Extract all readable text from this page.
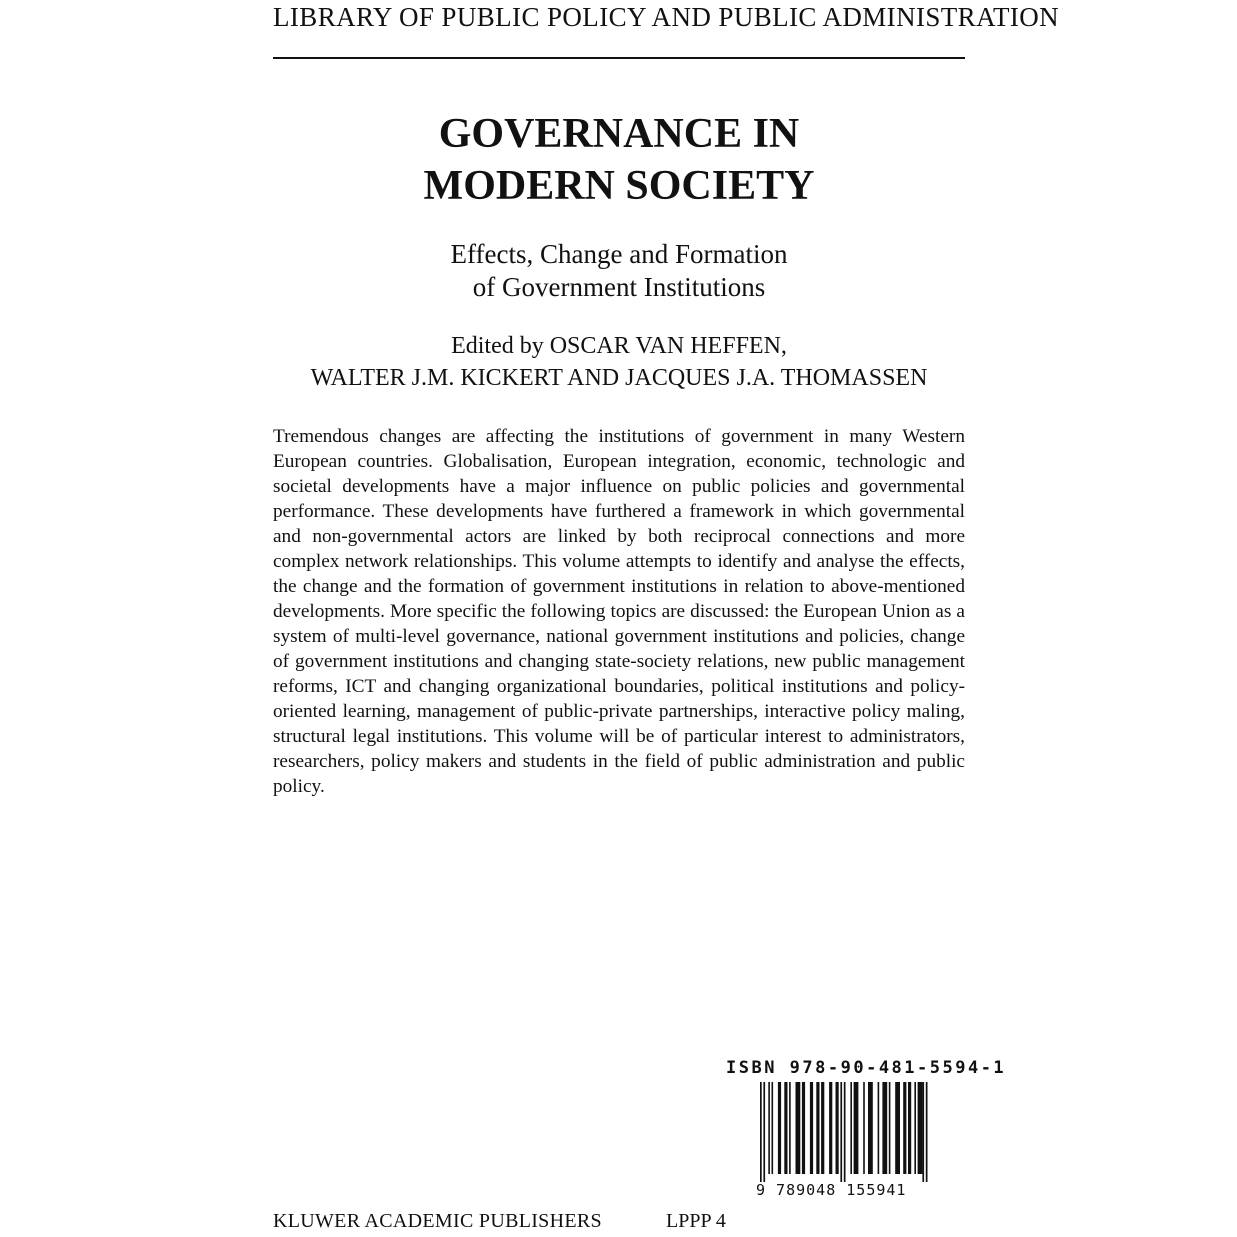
LIBRARY OF PUBLIC POLICY AND PUBLIC ADMINISTRATION
GOVERNANCE IN
MODERN SOCIETY
Effects, Change and Formation
of Government Institutions
Edited by OSCAR VAN HEFFEN,
WALTER J.M. KICKERT AND JACQUES J.A. THOMASSEN
Tremendous changes are affecting the institutions of government in many Western European countries. Globalisation, European integration, economic, technologic and societal developments have a major influence on public policies and governmental performance. These developments have furthered a framework in which governmental and non-governmental actors are linked by both reciprocal connections and more complex network relationships. This volume attempts to identify and analyse the effects, the change and the formation of government institutions in relation to above-mentioned developments. More specific the following topics are discussed: the European Union as a system of multi-level governance, national government institutions and policies, change of government institutions and changing state-society relations, new public management reforms, ICT and changing organizational boundaries, political institutions and policy-oriented learning, management of public-private partnerships, interactive policy maling, structural legal institutions. This volume will be of particular interest to administrators, researchers, policy makers and students in the field of public administration and public policy.
ISBN 978-90-481-5594-1
9 789048 155941
KLUWER ACADEMIC PUBLISHERS	LPPP 4
